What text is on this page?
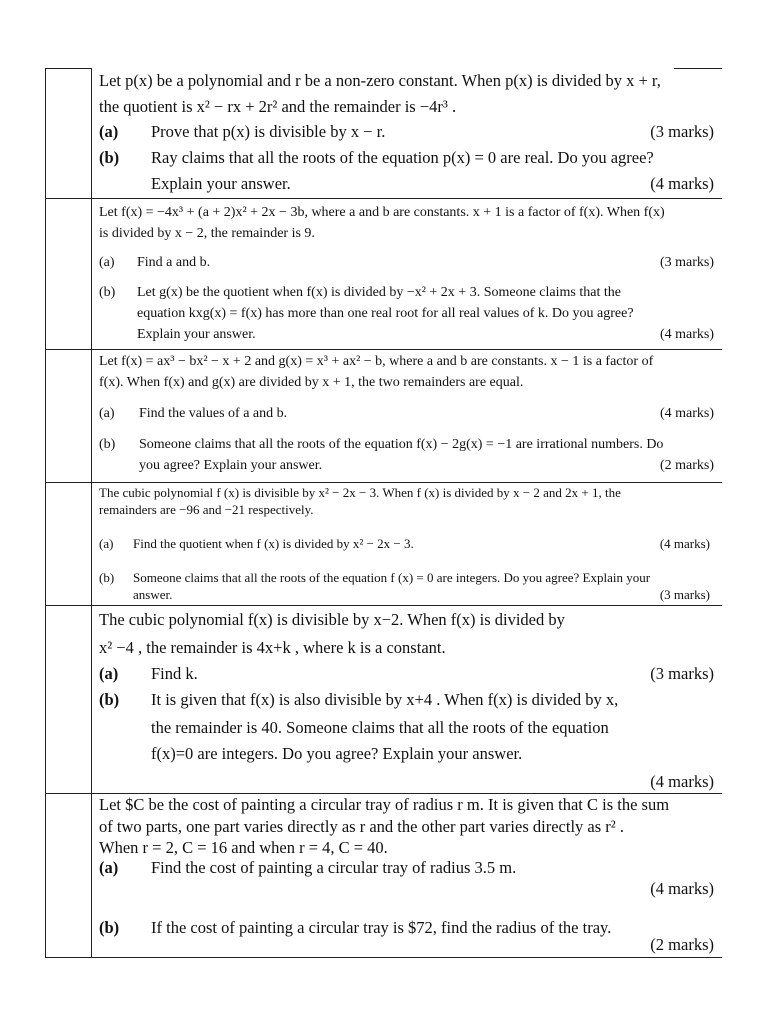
Let p(x) be a polynomial and r be a non-zero constant. When p(x) is divided by x + r,
the quotient is x² − rx + 2r² and the remainder is −4r³ .
(a) Prove that p(x) is divisible by x − r.	(3 marks)
(b) Ray claims that all the roots of the equation p(x) = 0 are real. Do you agree?
Explain your answer.	(4 marks)
Let f(x) = −4x³ + (a + 2)x² + 2x − 3b, where a and b are constants. x + 1 is a factor of f(x). When f(x)
is divided by x − 2, the remainder is 9.
(a) Find a and b.	(3 marks)
(b) Let g(x) be the quotient when f(x) is divided by −x² + 2x + 3. Someone claims that the
equation kxg(x) = f(x) has more than one real root for all real values of k. Do you agree?
Explain your answer.	(4 marks)
Let f(x) = ax³ − bx² − x + 2 and g(x) = x³ + ax² − b, where a and b are constants. x − 1 is a factor of
f(x). When f(x) and g(x) are divided by x + 1, the two remainders are equal.
(a) Find the values of a and b.	(4 marks)
(b) Someone claims that all the roots of the equation f(x) − 2g(x) = −1 are irrational numbers. Do
you agree? Explain your answer.	(2 marks)
The cubic polynomial f (x) is divisible by x² − 2x − 3. When f (x) is divided by x − 2 and 2x + 1, the
remainders are −96 and −21 respectively.
(a) Find the quotient when f (x) is divided by x² − 2x − 3.	(4 marks)
(b) Someone claims that all the roots of the equation f (x) = 0 are integers. Do you agree? Explain your
answer.	(3 marks)
The cubic polynomial f(x) is divisible by x−2. When f(x) is divided by
x² −4 , the remainder is 4x+k , where k is a constant.
(a) Find k.	(3 marks)
(b) It is given that f(x) is also divisible by x+4 . When f(x) is divided by x,
the remainder is 40. Someone claims that all the roots of the equation
f(x)=0 are integers. Do you agree? Explain your answer.
(4 marks)
Let $C be the cost of painting a circular tray of radius r m. It is given that C is the sum
of two parts, one part varies directly as r and the other part varies directly as r² .
When r = 2, C = 16 and when r = 4, C = 40.
(a) Find the cost of painting a circular tray of radius 3.5 m.
(4 marks)
(b) If the cost of painting a circular tray is $72, find the radius of the tray.
(2 marks)
